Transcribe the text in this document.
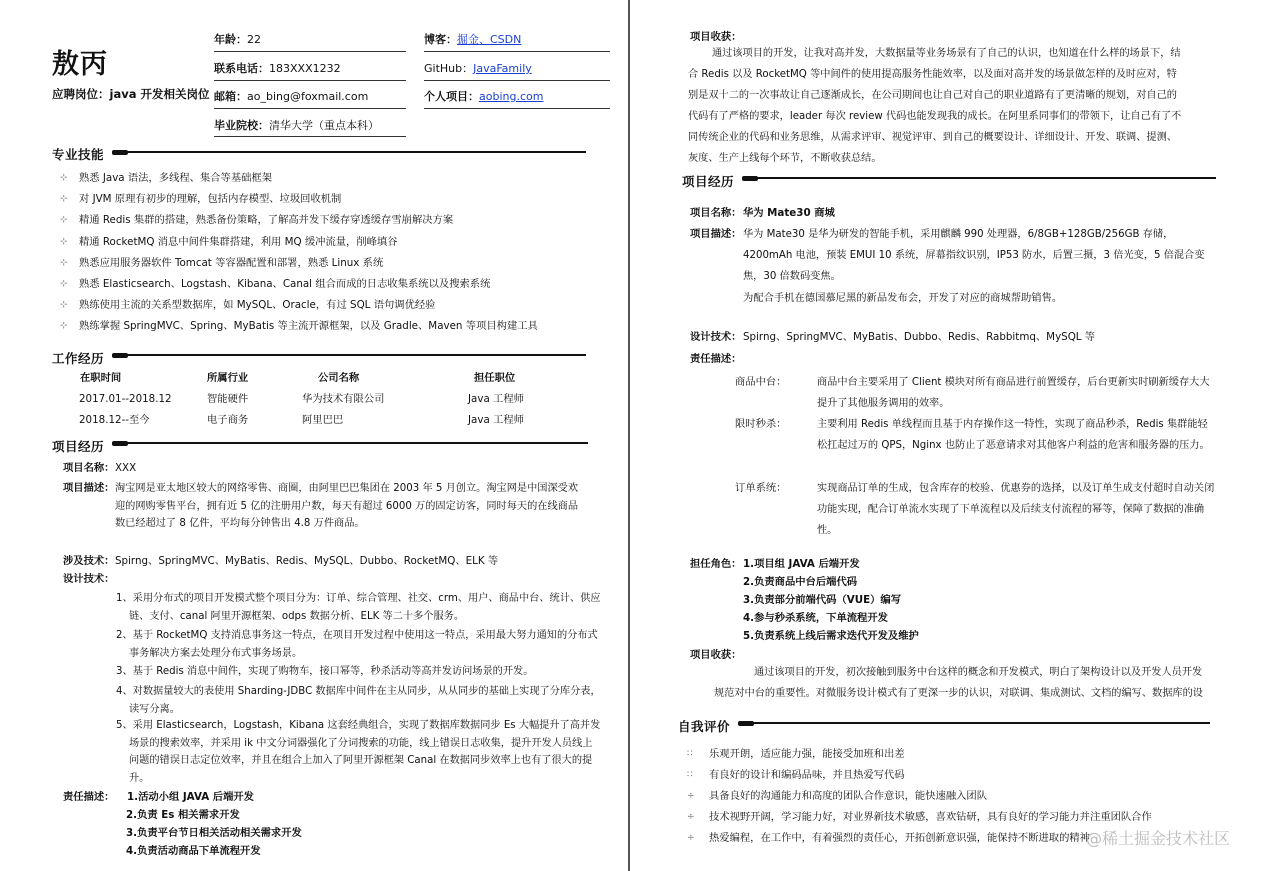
敖丙
应聘岗位：java 开发相关岗位
年龄：22
联系电话：183XXX1232
邮箱：ao_bing@foxmail.com
毕业院校：清华大学（重点本科）
博客：掘金、CSDN
GitHub：JavaFamily
个人项目：aobing.com
专业技能
⊹ 熟悉 Java 语法，多线程、集合等基础框架
⊹ 对 JVM 原理有初步的理解，包括内存模型、垃圾回收机制
⊹ 精通 Redis 集群的搭建，熟悉备份策略，了解高并发下缓存穿透缓存雪崩解决方案
⊹ 精通 RocketMQ 消息中间件集群搭建，利用 MQ 缓冲流量，削峰填谷
⊹ 熟悉应用服务器软件 Tomcat 等容器配置和部署，熟悉 Linux 系统
⊹ 熟悉 Elasticsearch、Logstash、Kibana、Canal 组合而成的日志收集系统以及搜索系统
⊹ 熟练使用主流的关系型数据库，如 MySQL、Oracle，有过 SQL 语句调优经验
⊹ 熟练掌握 SpringMVC、Spring、MyBatis 等主流开源框架，以及 Gradle、Maven 等项目构建工具
工作经历
在职时间	所属行业	公司名称	担任职位
2017.01--2018.12	智能硬件	华为技术有限公司	Java 工程师
2018.12--至今	电子商务	阿里巴巴	Java 工程师
项目经历
项目名称： XXX
项目描述： 淘宝网是亚太地区较大的网络零售、商圈，由阿里巴巴集团在 2003 年 5 月创立。淘宝网是中国深受欢迎的网购零售平台，拥有近 5 亿的注册用户数，每天有超过 6000 万的固定访客，同时每天的在线商品数已经超过了 8 亿件，平均每分钟售出 4.8 万件商品。
涉及技术： Spirng、SpringMVC、MyBatis、Redis、MySQL、Dubbo、RocketMQ、ELK 等
设计技术：
1、采用分布式的项目开发模式整个项目分为：订单、综合管理、社交、crm、用户、商品中台、统计、供应链、支付、canal 阿里开源框架、odps 数据分析、ELK 等二十多个服务。
2、基于 RocketMQ 支持消息事务这一特点，在项目开发过程中使用这一特点，采用最大努力通知的分布式事务解决方案去处理分布式事务场景。
3、基于 Redis 消息中间件，实现了购物车，接口幂等，秒杀活动等高并发访问场景的开发。
4、对数据量较大的表使用 Sharding-JDBC 数据库中间件在主从同步，从从同步的基础上实现了分库分表，读写分离。
5、采用 Elasticsearch，Logstash，Kibana 这套经典组合，实现了数据库数据同步 Es 大幅提升了高并发场景的搜索效率，并采用 ik 中文分词器强化了分词搜索的功能，线上错误日志收集，提升开发人员线上问题的错误日志定位效率，并且在组合上加入了阿里开源框架 Canal 在数据同步效率上也有了很大的提升。
责任描述： 1.活动小组 JAVA 后端开发
2.负责 Es 相关需求开发
3.负责平台节日相关活动相关需求开发
4.负责活动商品下单流程开发
项目收获：
通过该项目的开发，让我对高并发，大数据量等业务场景有了自己的认识，也知道在什么样的场景下，结合 Redis 以及 RocketMQ 等中间件的使用提高服务性能效率，以及面对高并发的场景做怎样的及时应对，特别是双十二的一次事故让自己逐渐成长，在公司期间也让自己对自己的职业道路有了更清晰的规划，对自己的代码有了严格的要求，leader 每次 review 代码也能发现我的成长。在阿里系同事们的带领下，让自己有了不同传统企业的代码和业务思维，从需求评审、视觉评审、到自己的概要设计、详细设计、开发、联调、提测、灰度、生产上线每个环节，不断收获总结。
项目经历
项目名称： 华为 Mate30 商城
项目描述： 华为 Mate30 是华为研发的智能手机，采用麒麟 990 处理器，6/8GB+128GB/256GB 存储，4200mAh 电池，预装 EMUI 10 系统，屏幕指纹识别，IP53 防水，后置三摄，3 倍光变，5 倍混合变焦，30 倍数码变焦。
为配合手机在德国慕尼黑的新品发布会，开发了对应的商城帮助销售。
设计技术： Spirng、SpringMVC、MyBatis、Dubbo、Redis、Rabbitmq、MySQL 等
责任描述：
商品中台：	商品中台主要采用了 Client 模块对所有商品进行前置缓存，后台更新实时刷新缓存大大提升了其他服务调用的效率。
限时秒杀：	主要利用 Redis 单线程而且基于内存操作这一特性，实现了商品秒杀，Redis 集群能轻松扛起过万的 QPS，Nginx 也防止了恶意请求对其他客户利益的危害和服务器的压力。
订单系统：	实现商品订单的生成，包含库存的校验、优惠券的选择，以及订单生成支付超时自动关闭功能实现，配合订单流水实现了下单流程以及后续支付流程的幂等，保障了数据的准确性。
担任角色： 1.项目组 JAVA 后端开发
2.负责商品中台后端代码
3.负责部分前端代码（VUE）编写
4.参与秒杀系统，下单流程开发
5.负责系统上线后需求迭代开发及维护
项目收获：
通过该项目的开发，初次接触到服务中台这样的概念和开发模式，明白了架构设计以及开发人员开发规范对中台的重要性。对微服务设计模式有了更深一步的认识，对联调、集成测试、文档的编写、数据库的设
自我评价
∷ 乐观开朗，适应能力强，能接受加班和出差
∷ 有良好的设计和编码品味，并且热爱写代码
÷ 具备良好的沟通能力和高度的团队合作意识，能快速融入团队
÷ 技术视野开阔，学习能力好，对业界新技术敏感，喜欢钻研，具有良好的学习能力并注重团队合作
÷ 热爱编程，在工作中，有着强烈的责任心，开拓创新意识强，能保持不断进取的精神
@稀土掘金技术社区
